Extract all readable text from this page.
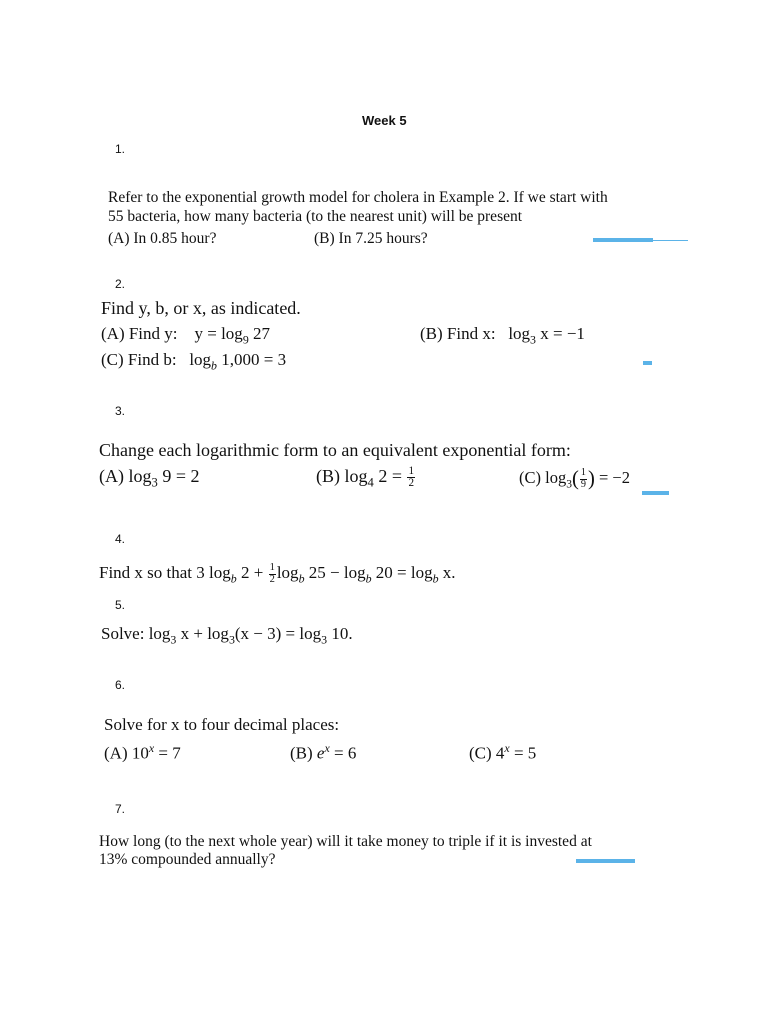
Week 5
1.
Refer to the exponential growth model for cholera in Example 2. If we start with
55 bacteria, how many bacteria (to the nearest unit) will be present
(A) In 0.85 hour?	(B) In 7.25 hours?
2.
Find y, b, or x, as indicated.
(A) Find y: $y = \log_9 27$	(B) Find x: $\log_3 x = -1$
(C) Find b: $\log_b 1,000 = 3$
3.
Change each logarithmic form to an equivalent exponential form:
(A) $\log_3 9 = 2$	(B) $\log_4 2 = \frac{1}{2}$	(C) $\log_3( \frac{1}{9}$ ) = −2
4.
Find x so that 3 $\log_b 2 + \frac{1}{2} \log_b 25 - \log_b 20 = \log_b x$.
5.
Solve: $\log_3 x + \log_3(x - 3) = \log_3 10$.
6.
Solve for x to four decimal places:
(A) $10^x = 7$	(B) $e^x = 6$	(C) $4^x = 5$
7.
How long (to the next whole year) will it take money to triple if it is invested at
13% compounded annually?
